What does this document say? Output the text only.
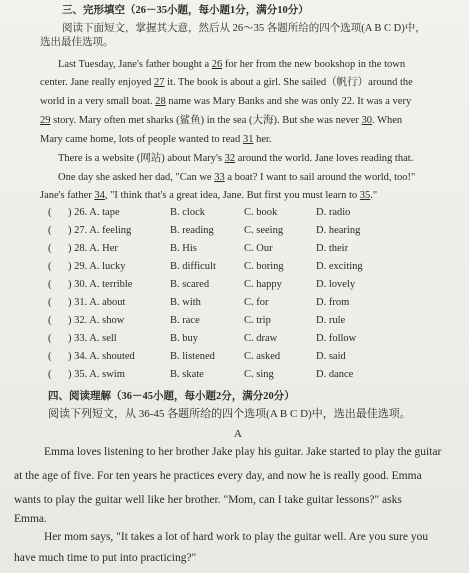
三、完形填空（26－35小题，每小题1分，满分10分）
阅读下面短文，掌握其大意，然后从 26～35 各题所给的四个选项(A B C D)中，
选出最佳选项。
Last Tuesday, Jane's father bought a 26 for her from the new bookshop in the town
center. Jane really enjoyed 27 it. The book is about a girl. She sailed（帆行）around the
world in a very small boat. 28 name was Mary Banks and she was only 22. It was a very
29 story. Mary often met sharks (鲨鱼) in the sea (大海). But she was never 30. When
Mary came home, lots of people wanted to read 31 her.
There is a website (网站) about Mary's 32 around the world. Jane loves reading that.
One day she asked her dad, "Can we 33 a boat? I want to sail around the world, too!"
Jane's father 34, "I think that's a great idea, Jane. But first you must learn to 35."
( ) 26. A. tape	B. clock	C. book	D. radio
( ) 27. A. feeling	B. reading	C. seeing	D. hearing
( ) 28. A. Her	B. His	C. Our	D. their
( ) 29. A. lucky	B. difficult	C. boring	D. exciting
( ) 30. A. terrible	B. scared	C. happy	D. lovely
( ) 31. A. about	B. with	C. for	D. from
( ) 32. A. show	B. race	C. trip	D. rule
( ) 33. A. sell	B. buy	C. draw	D. follow
( ) 34. A. shouted	B. listened	C. asked	D. said
( ) 35. A. swim	B. skate	C. sing	D. dance
四、阅读理解（36－45小题，每小题2分，满分20分）
阅读下列短文，从 36-45 各题所给的四个选项(A B C D)中，选出最佳选项。
A
Emma loves listening to her brother Jake play his guitar. Jake started to play the guitar
at the age of five. For ten years he practices every day, and now he is really good. Emma
wants to play the guitar well like her brother. "Mom, can I take guitar lessons?" asks
Emma.
Her mom says, "It takes a lot of hard work to play the guitar well. Are you sure you
have much time to put into practicing?"
